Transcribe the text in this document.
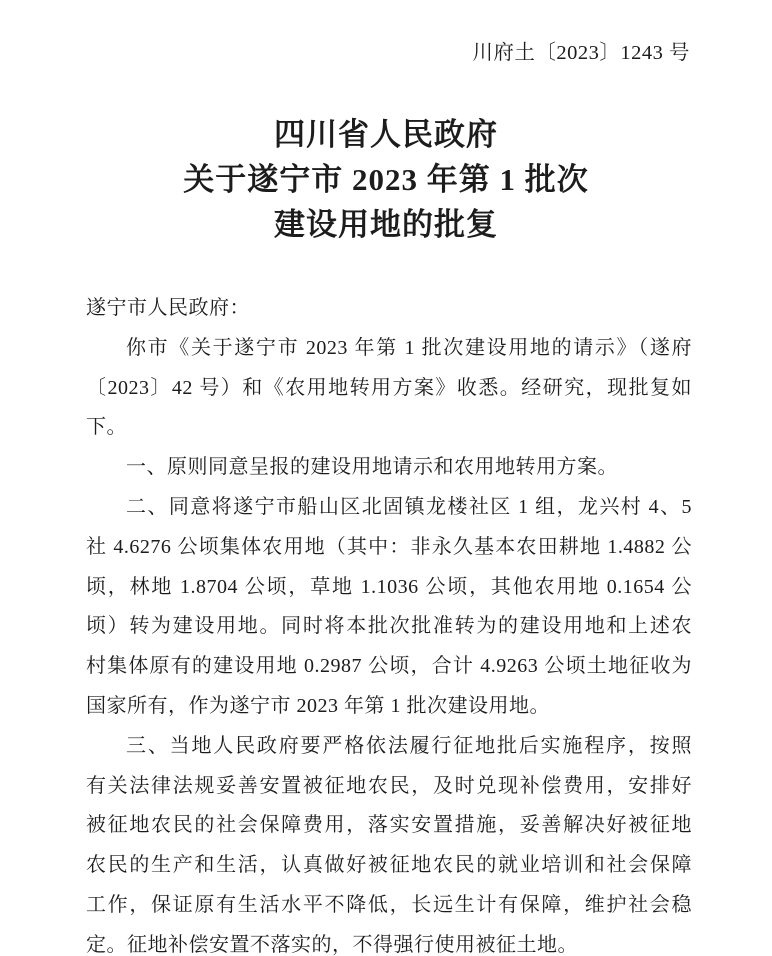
川府土〔2023〕1243 号
四川省人民政府
关于遂宁市 2023 年第 1 批次
建设用地的批复
遂宁市人民政府：
你市《关于遂宁市 2023 年第 1 批次建设用地的请示》（遂府
〔2023〕42 号）和《农用地转用方案》收悉。经研究，现批复如
下。
一、原则同意呈报的建设用地请示和农用地转用方案。
二、同意将遂宁市船山区北固镇龙楼社区 1 组，龙兴村 4、5
社 4.6276 公顷集体农用地（其中：非永久基本农田耕地 1.4882 公
顷，林地 1.8704 公顷，草地 1.1036 公顷，其他农用地 0.1654 公
顷）转为建设用地。同时将本批次批准转为的建设用地和上述农
村集体原有的建设用地 0.2987 公顷，合计 4.9263 公顷土地征收为
国家所有，作为遂宁市 2023 年第 1 批次建设用地。
三、当地人民政府要严格依法履行征地批后实施程序，按照
有关法律法规妥善安置被征地农民，及时兑现补偿费用，安排好
被征地农民的社会保障费用，落实安置措施，妥善解决好被征地
农民的生产和生活，认真做好被征地农民的就业培训和社会保障
工作，保证原有生活水平不降低，长远生计有保障，维护社会稳
定。征地补偿安置不落实的，不得强行使用被征土地。
